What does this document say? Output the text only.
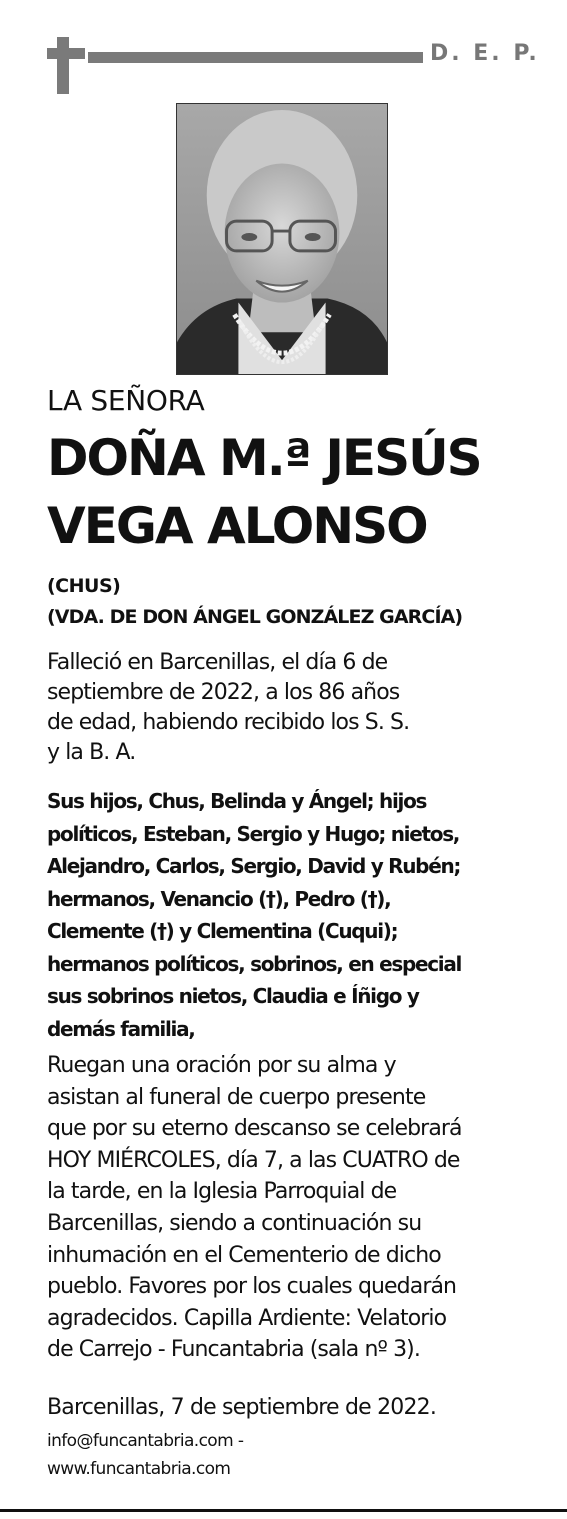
D. E. P.
LA SEÑORA
DOÑA M.ª JESÚS
VEGA ALONSO
(CHUS)
(VDA. DE DON ÁNGEL GONZÁLEZ GARCÍA)

Falleció en Barcenillas, el día 6 de
septiembre de 2022, a los 86 años
de edad, habiendo recibido los S. S.
y la B. A.

Sus hijos, Chus, Belinda y Ángel; hijos
políticos, Esteban, Sergio y Hugo; nietos,
Alejandro, Carlos, Sergio, David y Rubén;
hermanos, Venancio (†), Pedro (†),
Clemente (†) y Clementina (Cuqui);
hermanos políticos, sobrinos, en especial
sus sobrinos nietos, Claudia e Íñigo y
demás familia,

Ruegan una oración por su alma y
asistan al funeral de cuerpo presente
que por su eterno descanso se celebrará
HOY MIÉRCOLES, día 7, a las CUATRO de
la tarde, en la Iglesia Parroquial de
Barcenillas, siendo a continuación su
inhumación en el Cementerio de dicho
pueblo. Favores por los cuales quedarán
agradecidos. Capilla Ardiente: Velatorio
de Carrejo - Funcantabria (sala nº 3).

Barcenillas, 7 de septiembre de 2022.

info@funcantabria.com -
www.funcantabria.com
